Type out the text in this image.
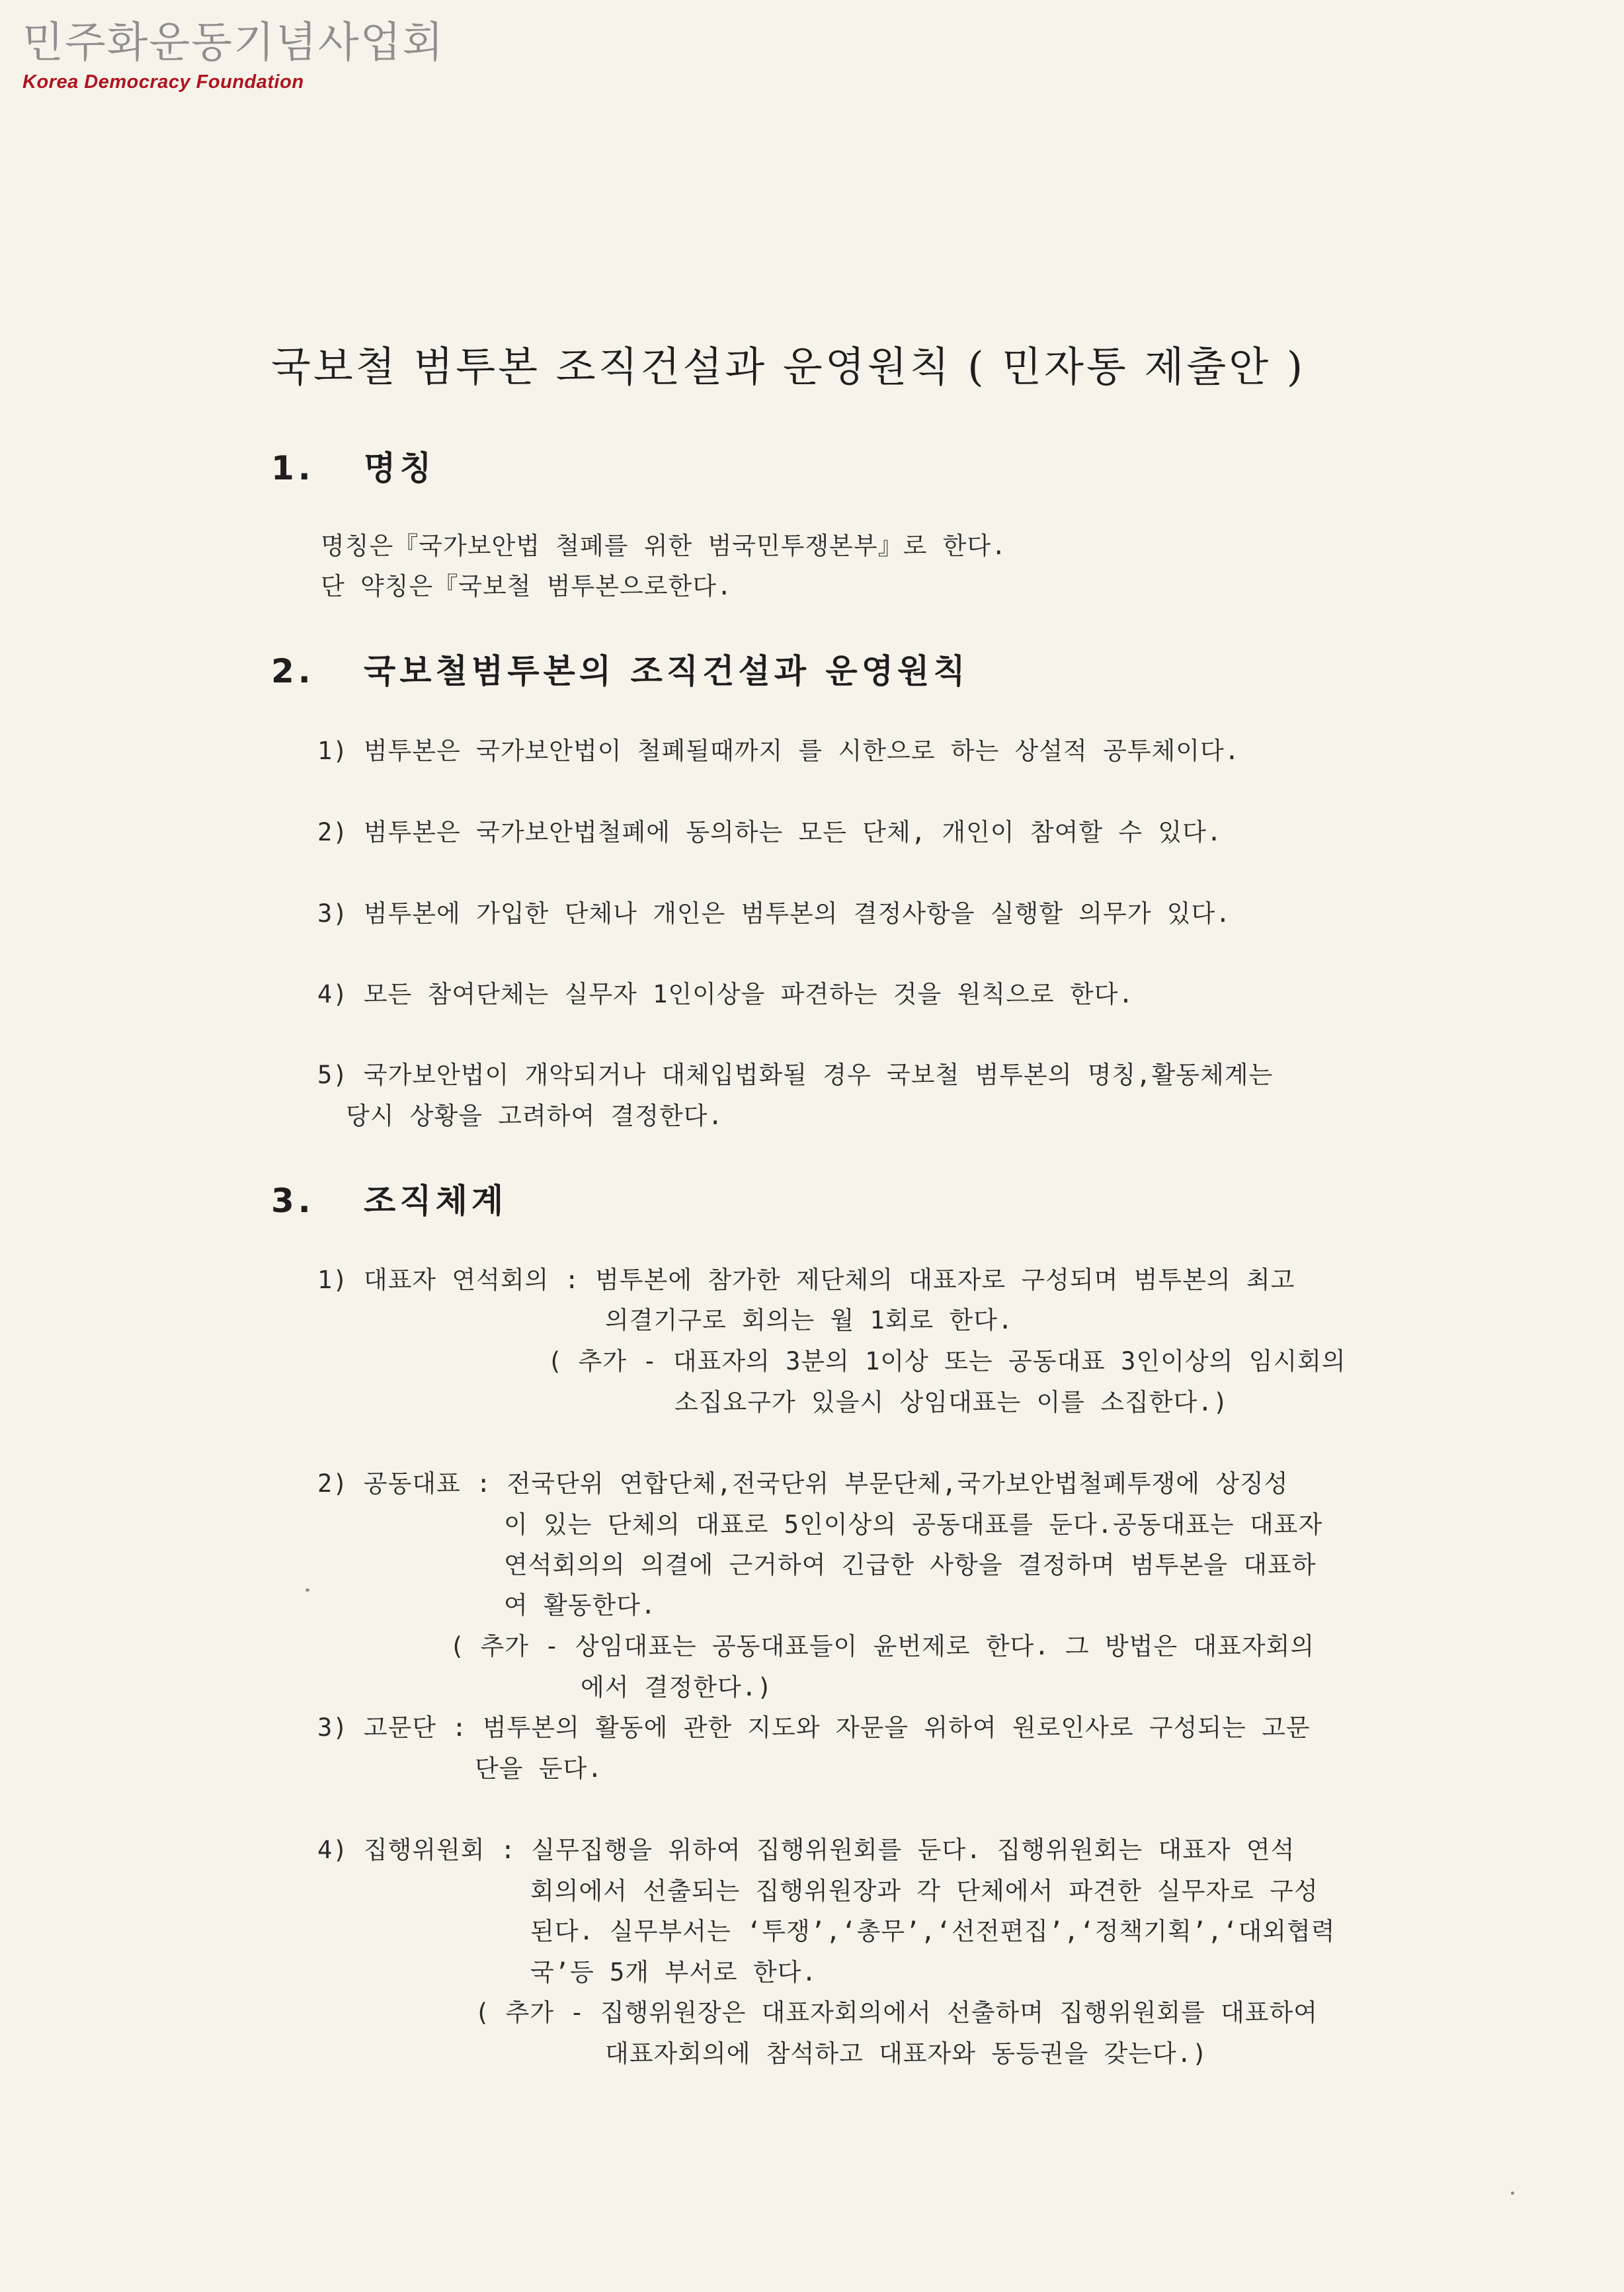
민주화운동기념사업회
Korea Democracy Foundation
국보철 범투본 조직건설과 운영원칙 ( 민자통 제출안 )
1. 명칭
명칭은『국가보안법 철폐를 위한 범국민투쟁본부』로 한다.
단 약칭은『국보철 범투본으로한다.
2. 국보철범투본의 조직건설과 운영원칙
1) 범투본은 국가보안법이 철폐될때까지 를 시한으로 하는 상설적 공투체이다.
2) 범투본은 국가보안법철폐에 동의하는 모든 단체, 개인이 참여할 수 있다.
3) 범투본에 가입한 단체나 개인은 범투본의 결정사항을 실행할 의무가 있다.
4) 모든 참여단체는 실무자 1인이상을 파견하는 것을 원칙으로 한다.
5) 국가보안법이 개악되거나 대체입법화될 경우 국보철 범투본의 명칭,활동체계는
당시 상황을 고려하여 결정한다.
3. 조직체계
1) 대표자 연석회의 : 범투본에 참가한 제단체의 대표자로 구성되며 범투본의 최고
의결기구로 회의는 월 1회로 한다.
( 추가 - 대표자의 3분의 1이상 또는 공동대표 3인이상의 임시회의
소집요구가 있을시 상임대표는 이를 소집한다.)
2) 공동대표 : 전국단위 연합단체,전국단위 부문단체,국가보안법철폐투쟁에 상징성
이 있는 단체의 대표로 5인이상의 공동대표를 둔다.공동대표는 대표자
연석회의의 의결에 근거하여 긴급한 사항을 결정하며 범투본을 대표하
여 활동한다.
( 추가 - 상임대표는 공동대표들이 윤번제로 한다. 그 방법은 대표자회의
에서 결정한다.)
3) 고문단 : 범투본의 활동에 관한 지도와 자문을 위하여 원로인사로 구성되는 고문
단을 둔다.
4) 집행위원회 : 실무집행을 위하여 집행위원회를 둔다. 집행위원회는 대표자 연석
회의에서 선출되는 집행위원장과 각 단체에서 파견한 실무자로 구성
된다. 실무부서는 ‘투쟁’,‘총무’,‘선전편집’,‘정책기획’,‘대외협력
국’등 5개 부서로 한다.
( 추가 - 집행위원장은 대표자회의에서 선출하며 집행위원회를 대표하여
대표자회의에 참석하고 대표자와 동등권을 갖는다.)
